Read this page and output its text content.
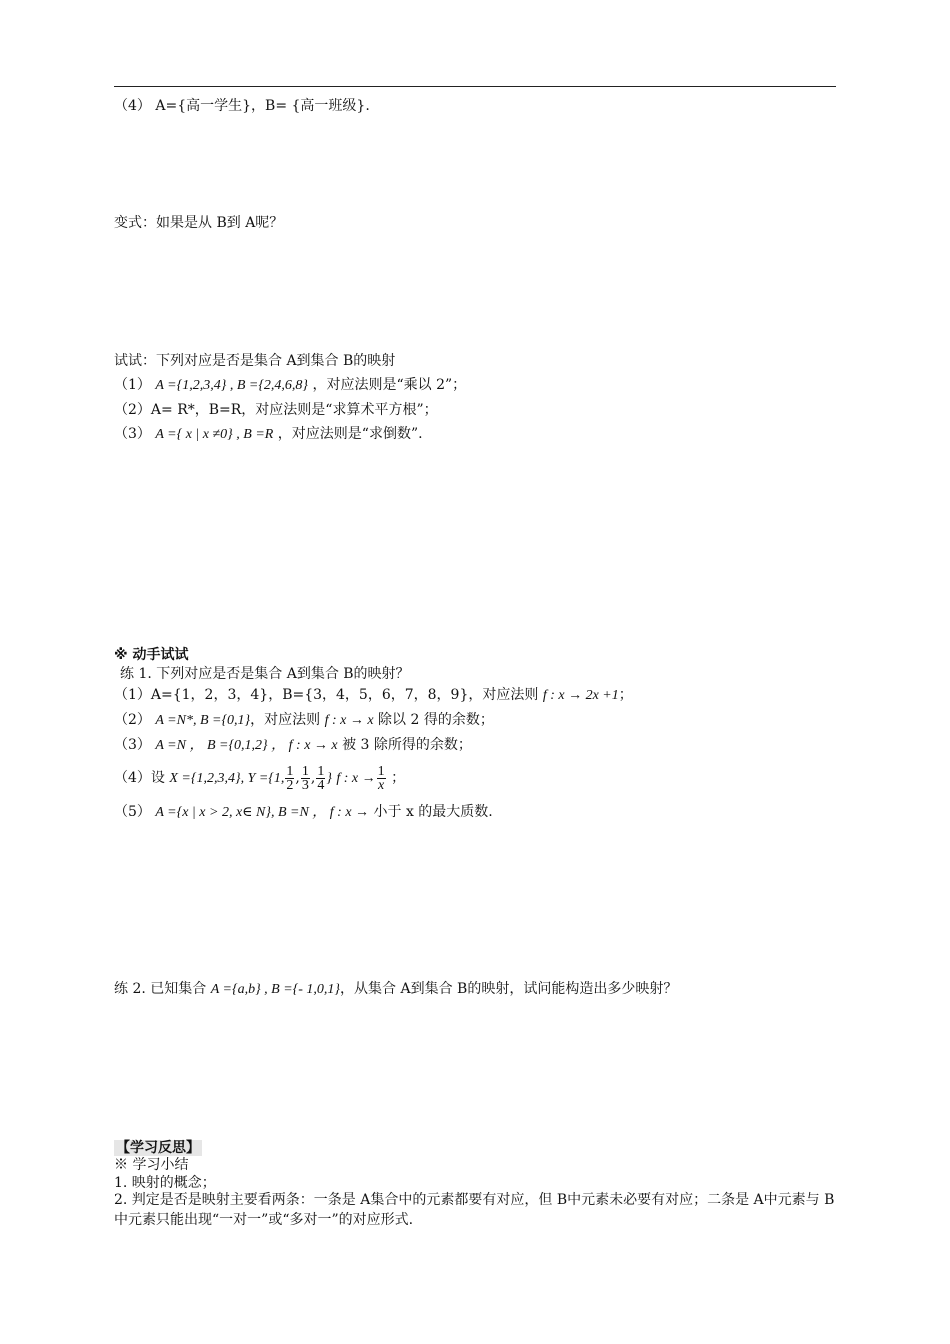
（4） A={高一学生}，B= {高一班级}.
变式：如果是从 B到 A呢？
试试：下列对应是否是集合 A到集合 B的映射
（1） A ={1,2,3,4} , B ={2,4,6,8} ，对应法则是“乘以 2”；
（2）A= R*，B=R，对应法则是“求算术平方根”；
（3） A ={ x | x ≠0} , B =R ，对应法则是“求倒数”.
※ 动手试试
练 1. 下列对应是否是集合 A到集合 B的映射？
（1）A={1，2，3，4}，B={3，4，5，6，7，8，9}，对应法则 f : x → 2x +1；
（2） A =N*, B ={0,1}，对应法则 f : x → x 除以 2 得的余数；
（3） A =N ， B ={0,1,2} ， f : x → x 被 3 除所得的余数；
（4）设 X ={1,2,3,4}, Y ={1, $\frac{1}{2}$ , $\frac{1}{3}$ , $\frac{1}{4}$ } f : $x \to \frac{1}{x}$ ；
（5） A ={x | x > 2, x∈ N}, B =N ， f : x → 小于 x 的最大质数.
练 2. 已知集合 A ={a,b} , B ={- 1,0,1}，从集合 A到集合 B的映射，试问能构造出多少映射？
【学习反思】
※ 学习小结
1. 映射的概念；
2. 判定是否是映射主要看两条：一条是 A集合中的元素都要有对应，但 B中元素未必要有对应；二条是 A中元素与 B中元素只能出现“一对一”或“多对一”的对应形式.
